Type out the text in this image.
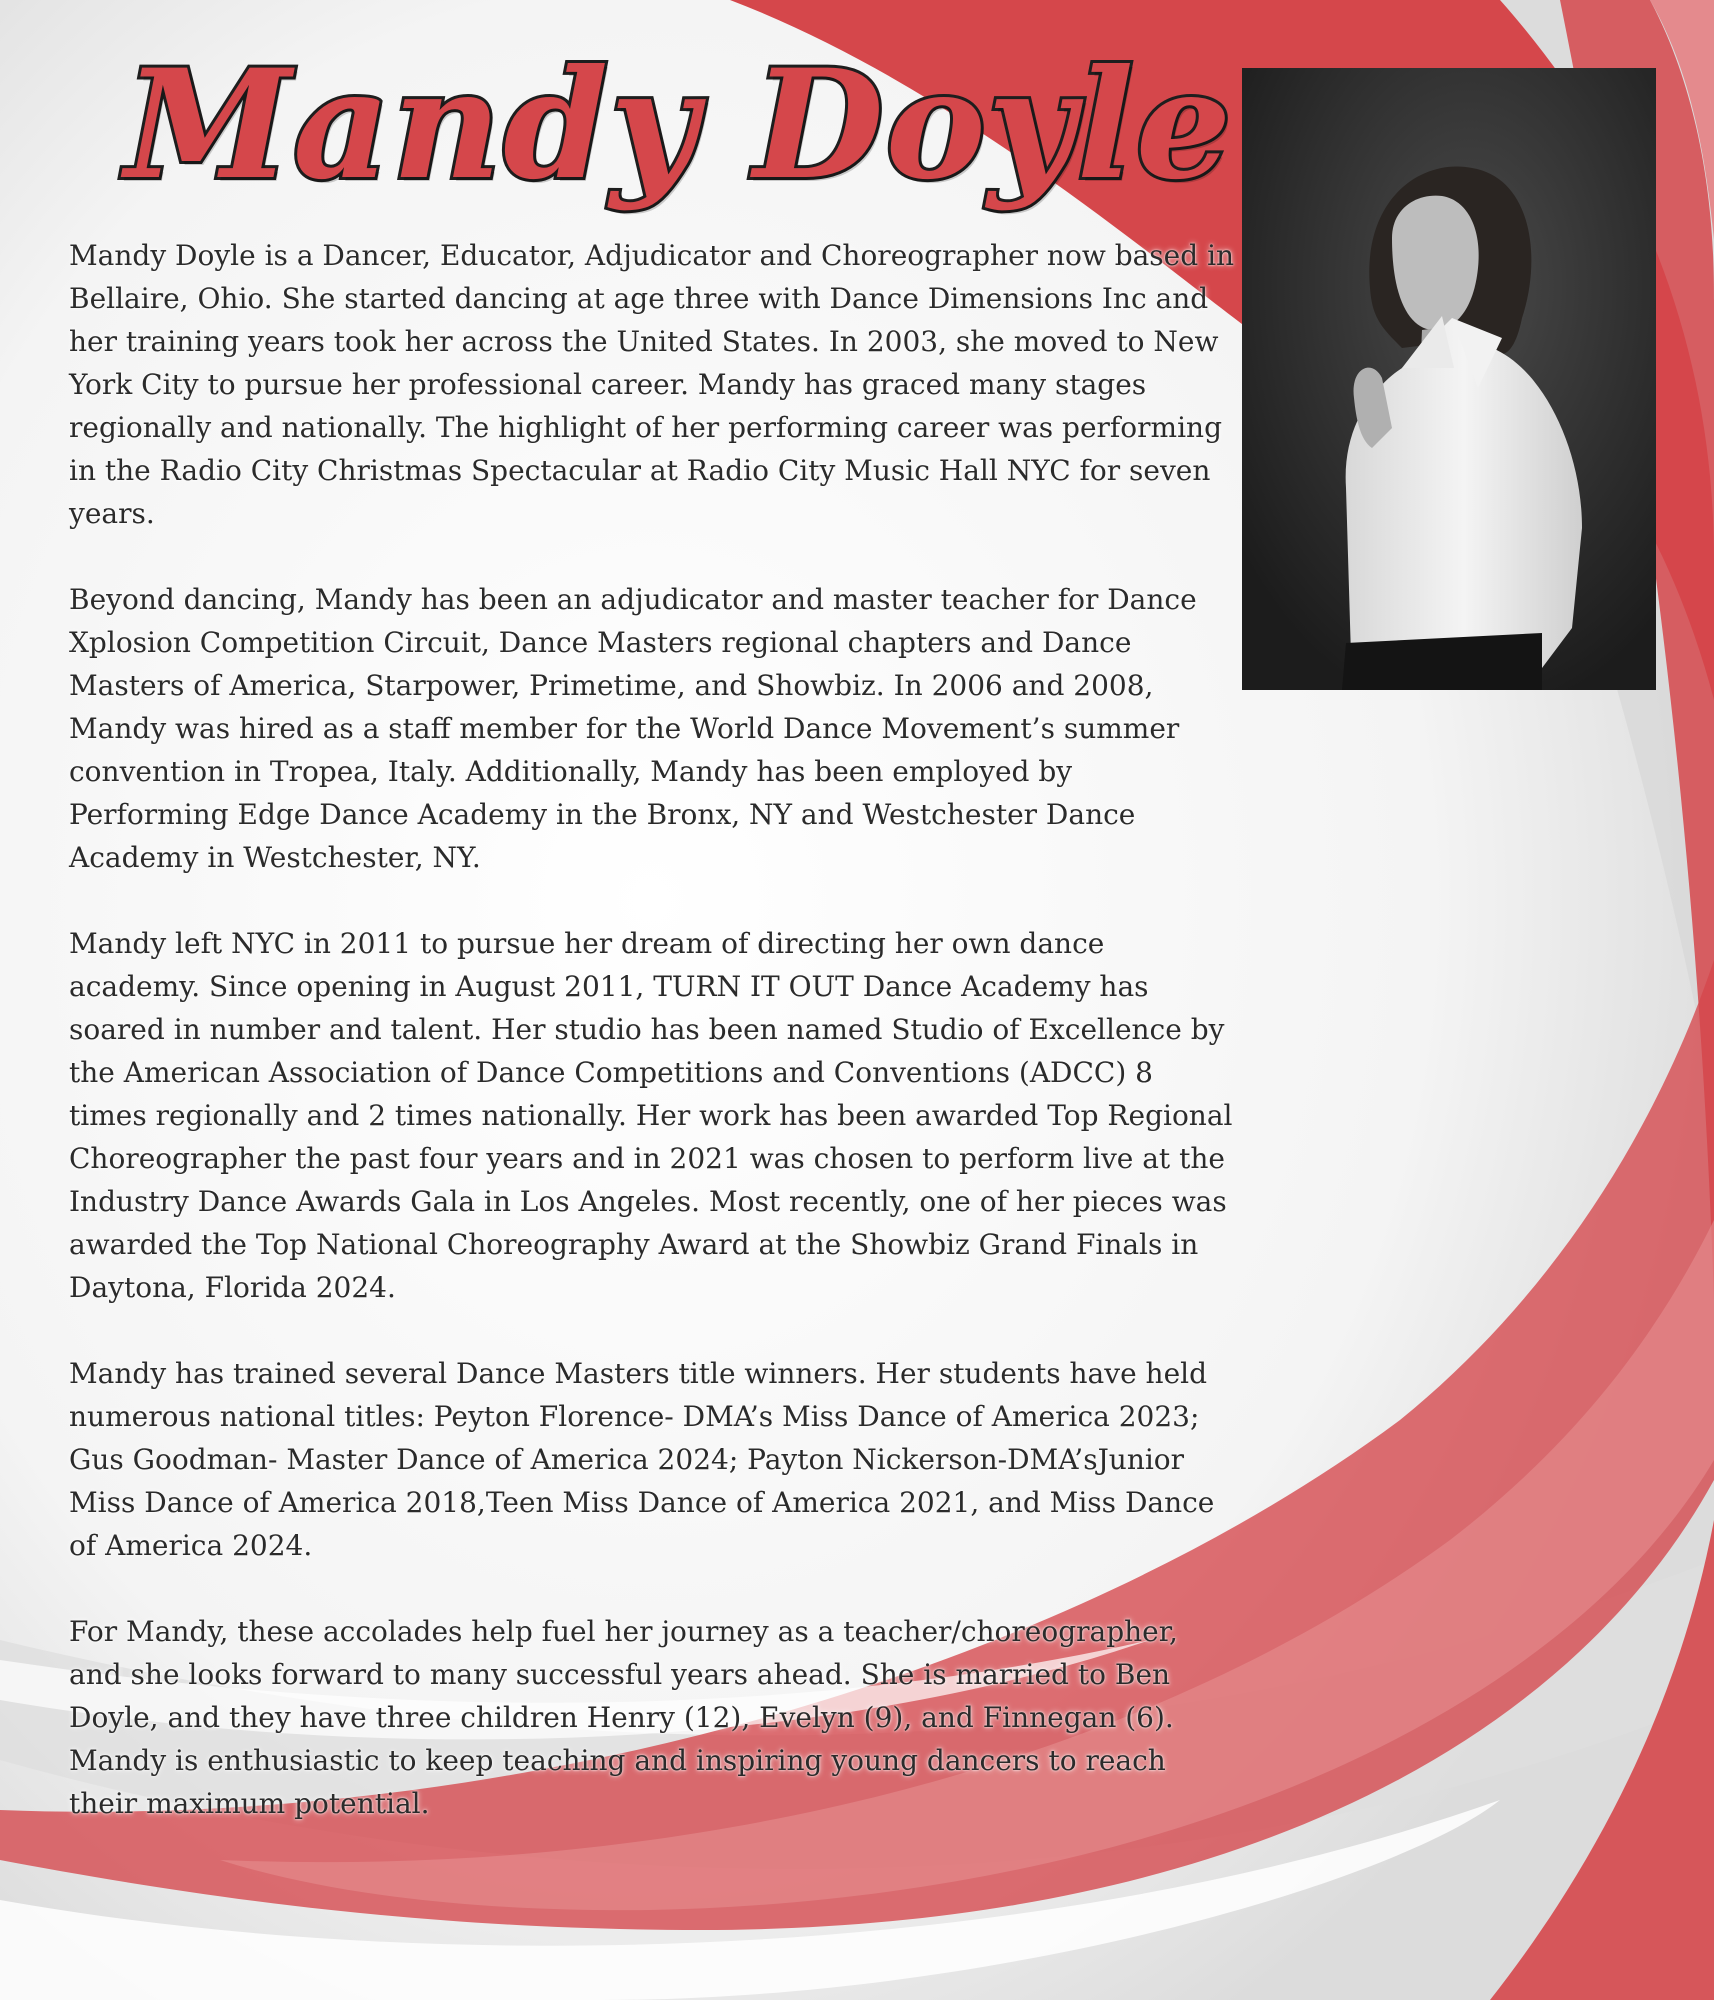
Mandy Doyle

Mandy Doyle is a Dancer, Educator, Adjudicator and Choreographer now based in Bellaire, Ohio. She started dancing at age three with Dance Dimensions Inc and her training years took her across the United States. In 2003, she moved to New York City to pursue her professional career. Mandy has graced many stages regionally and nationally. The highlight of her performing career was performing in the Radio City Christmas Spectacular at Radio City Music Hall NYC for seven years.

Beyond dancing, Mandy has been an adjudicator and master teacher for Dance Xplosion Competition Circuit, Dance Masters regional chapters and Dance Masters of America, Starpower, Primetime, and Showbiz. In 2006 and 2008, Mandy was hired as a staff member for the World Dance Movement’s summer convention in Tropea, Italy. Additionally, Mandy has been employed by Performing Edge Dance Academy in the Bronx, NY and Westchester Dance Academy in Westchester, NY.

Mandy left NYC in 2011 to pursue her dream of directing her own dance academy. Since opening in August 2011, TURN IT OUT Dance Academy has soared in number and talent. Her studio has been named Studio of Excellence by the American Association of Dance Competitions and Conventions (ADCC) 8 times regionally and 2 times nationally. Her work has been awarded Top Regional Choreographer the past four years and in 2021 was chosen to perform live at the Industry Dance Awards Gala in Los Angeles. Most recently, one of her pieces was awarded the Top National Choreography Award at the Showbiz Grand Finals in Daytona, Florida 2024.

Mandy has trained several Dance Masters title winners. Her students have held numerous national titles: Peyton Florence- DMA’s Miss Dance of America 2023; Gus Goodman- Master Dance of America 2024; Payton Nickerson-DMA’sJunior Miss Dance of America 2018,Teen Miss Dance of America 2021, and Miss Dance of America 2024.

For Mandy, these accolades help fuel her journey as a teacher/choreographer, and she looks forward to many successful years ahead. She is married to Ben Doyle, and they have three children Henry (12), Evelyn (9), and Finnegan (6). Mandy is enthusiastic to keep teaching and inspiring young dancers to reach their maximum potential.
